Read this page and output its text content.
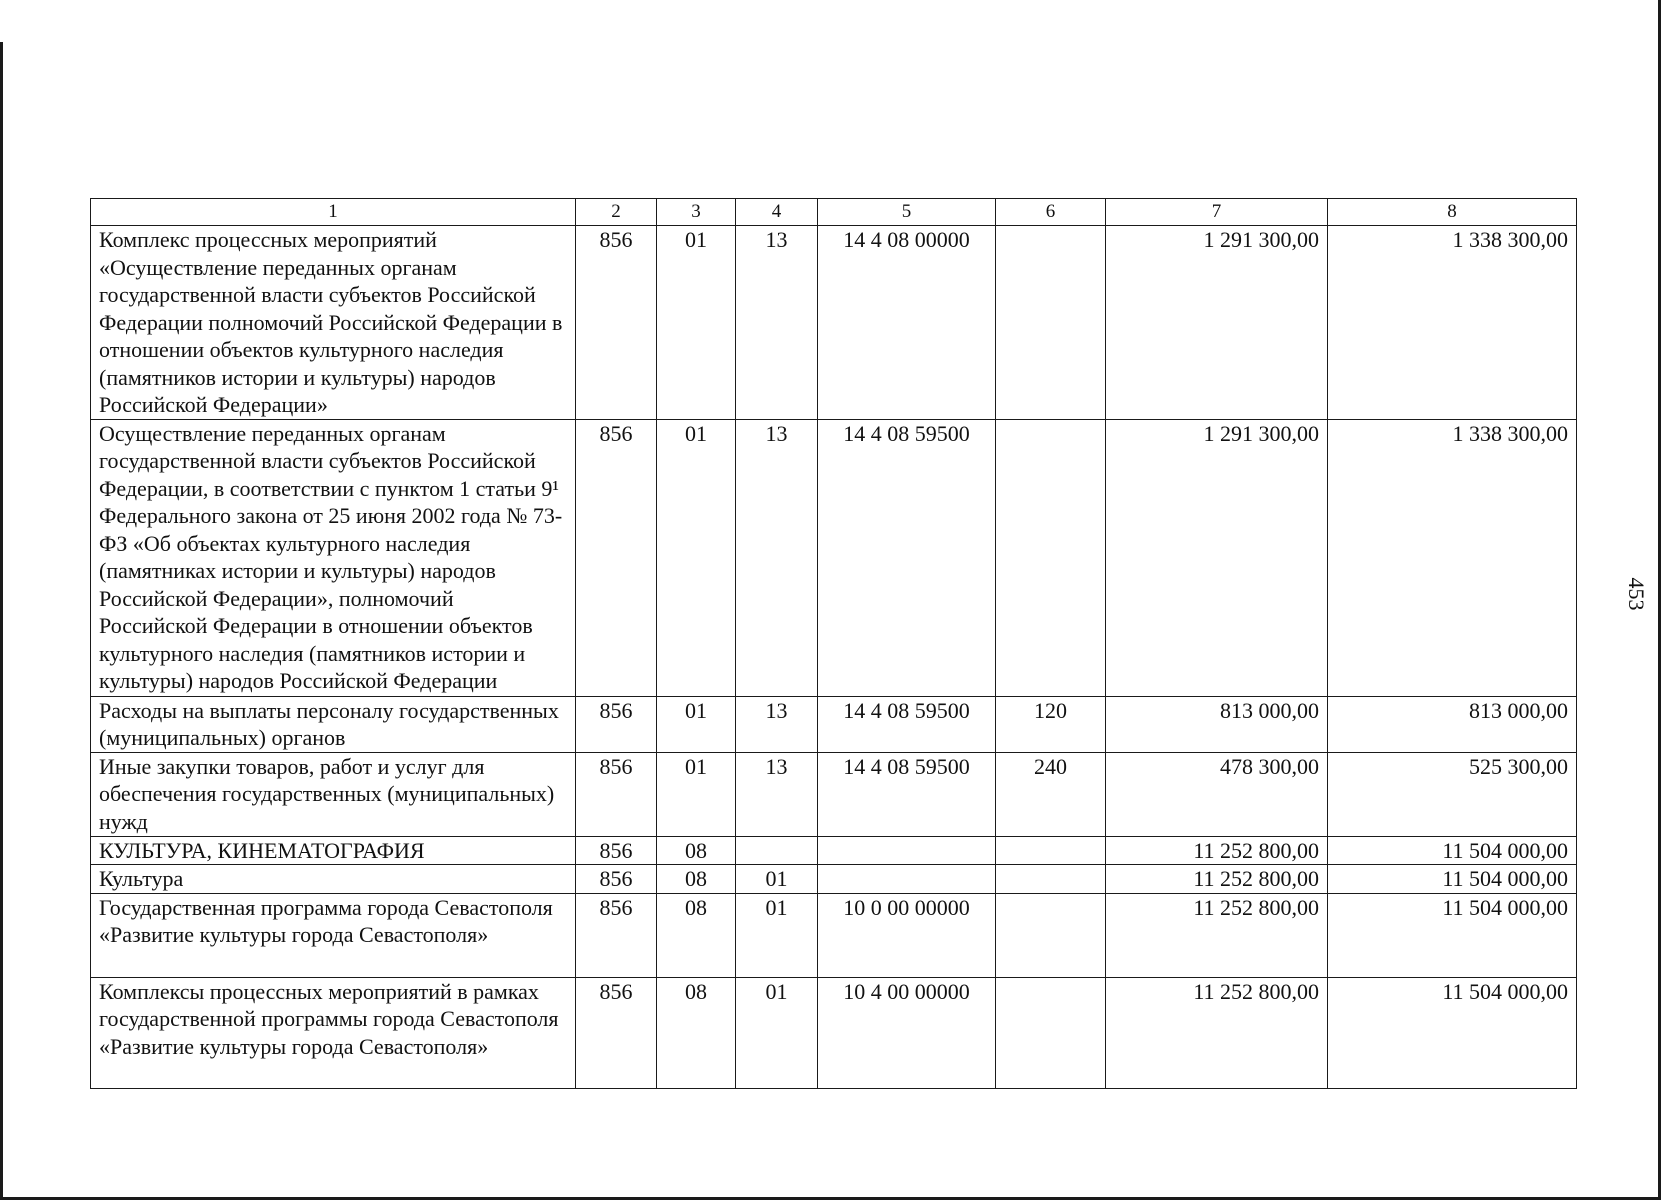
453
1	2	3	4	5	6	7	8
Комплекс процессных мероприятий «Осуществление переданных органам государственной власти субъектов Российской Федерации полномочий Российской Федерации в отношении объектов культурного наследия (памятников истории и культуры) народов Российской Федерации»	856	01	13	14 4 08 00000		1 291 300,00	1 338 300,00
Осуществление переданных органам государственной власти субъектов Российской Федерации, в соответствии с пунктом 1 статьи 9¹ Федерального закона от 25 июня 2002 года № 73-ФЗ «Об объектах культурного наследия (памятниках истории и культуры) народов Российской Федерации», полномочий Российской Федерации в отношении объектов культурного наследия (памятников истории и культуры) народов Российской Федерации	856	01	13	14 4 08 59500		1 291 300,00	1 338 300,00
Расходы на выплаты персоналу государственных (муниципальных) органов	856	01	13	14 4 08 59500	120	813 000,00	813 000,00
Иные закупки товаров, работ и услуг для обеспечения государственных (муниципальных) нужд	856	01	13	14 4 08 59500	240	478 300,00	525 300,00
КУЛЬТУРА, КИНЕМАТОГРАФИЯ	856	08				11 252 800,00	11 504 000,00
Культура	856	08	01			11 252 800,00	11 504 000,00
Государственная программа города Севастополя «Развитие культуры города Севастополя»	856	08	01	10 0 00 00000		11 252 800,00	11 504 000,00
Комплексы процессных мероприятий в рамках государственной программы города Севастополя «Развитие культуры города Севастополя»	856	08	01	10 4 00 00000		11 252 800,00	11 504 000,00
